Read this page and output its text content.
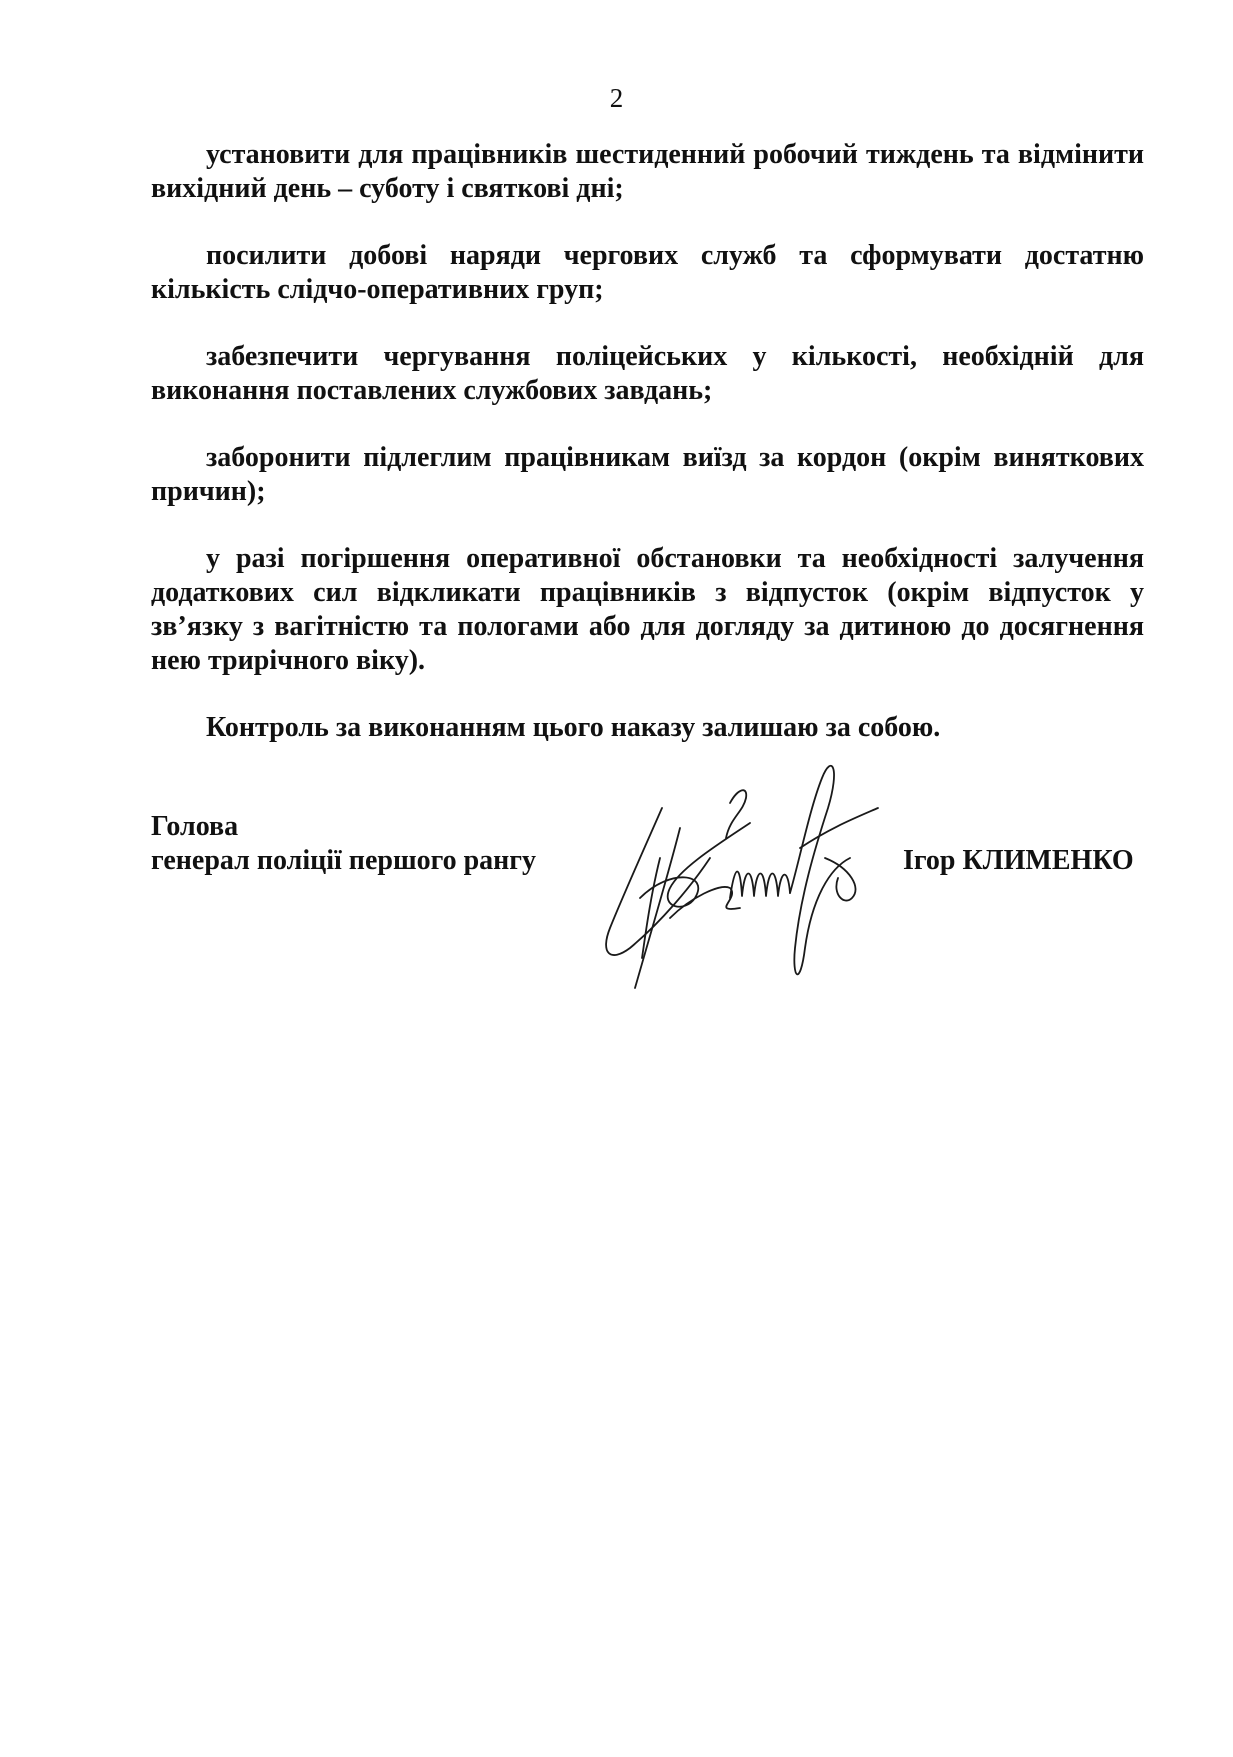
2

установити для працівників шестиденний робочий тиждень та відмінити вихідний день – суботу і святкові дні;

посилити добові наряди чергових служб та сформувати достатню кількість слідчо-оперативних груп;

забезпечити чергування поліцейських у кількості, необхідній для виконання поставлених службових завдань;

заборонити підлеглим працівникам виїзд за кордон (окрім виняткових причин);

у разі погіршення оперативної обстановки та необхідності залучення додаткових сил відкликати працівників з відпусток (окрім відпусток у зв’язку з вагітністю та пологами або для догляду за дитиною до досягнення нею трирічного віку).

Контроль за виконанням цього наказу залишаю за собою.

Голова
генерал поліції першого рангу	Ігор КЛИМЕНКО
